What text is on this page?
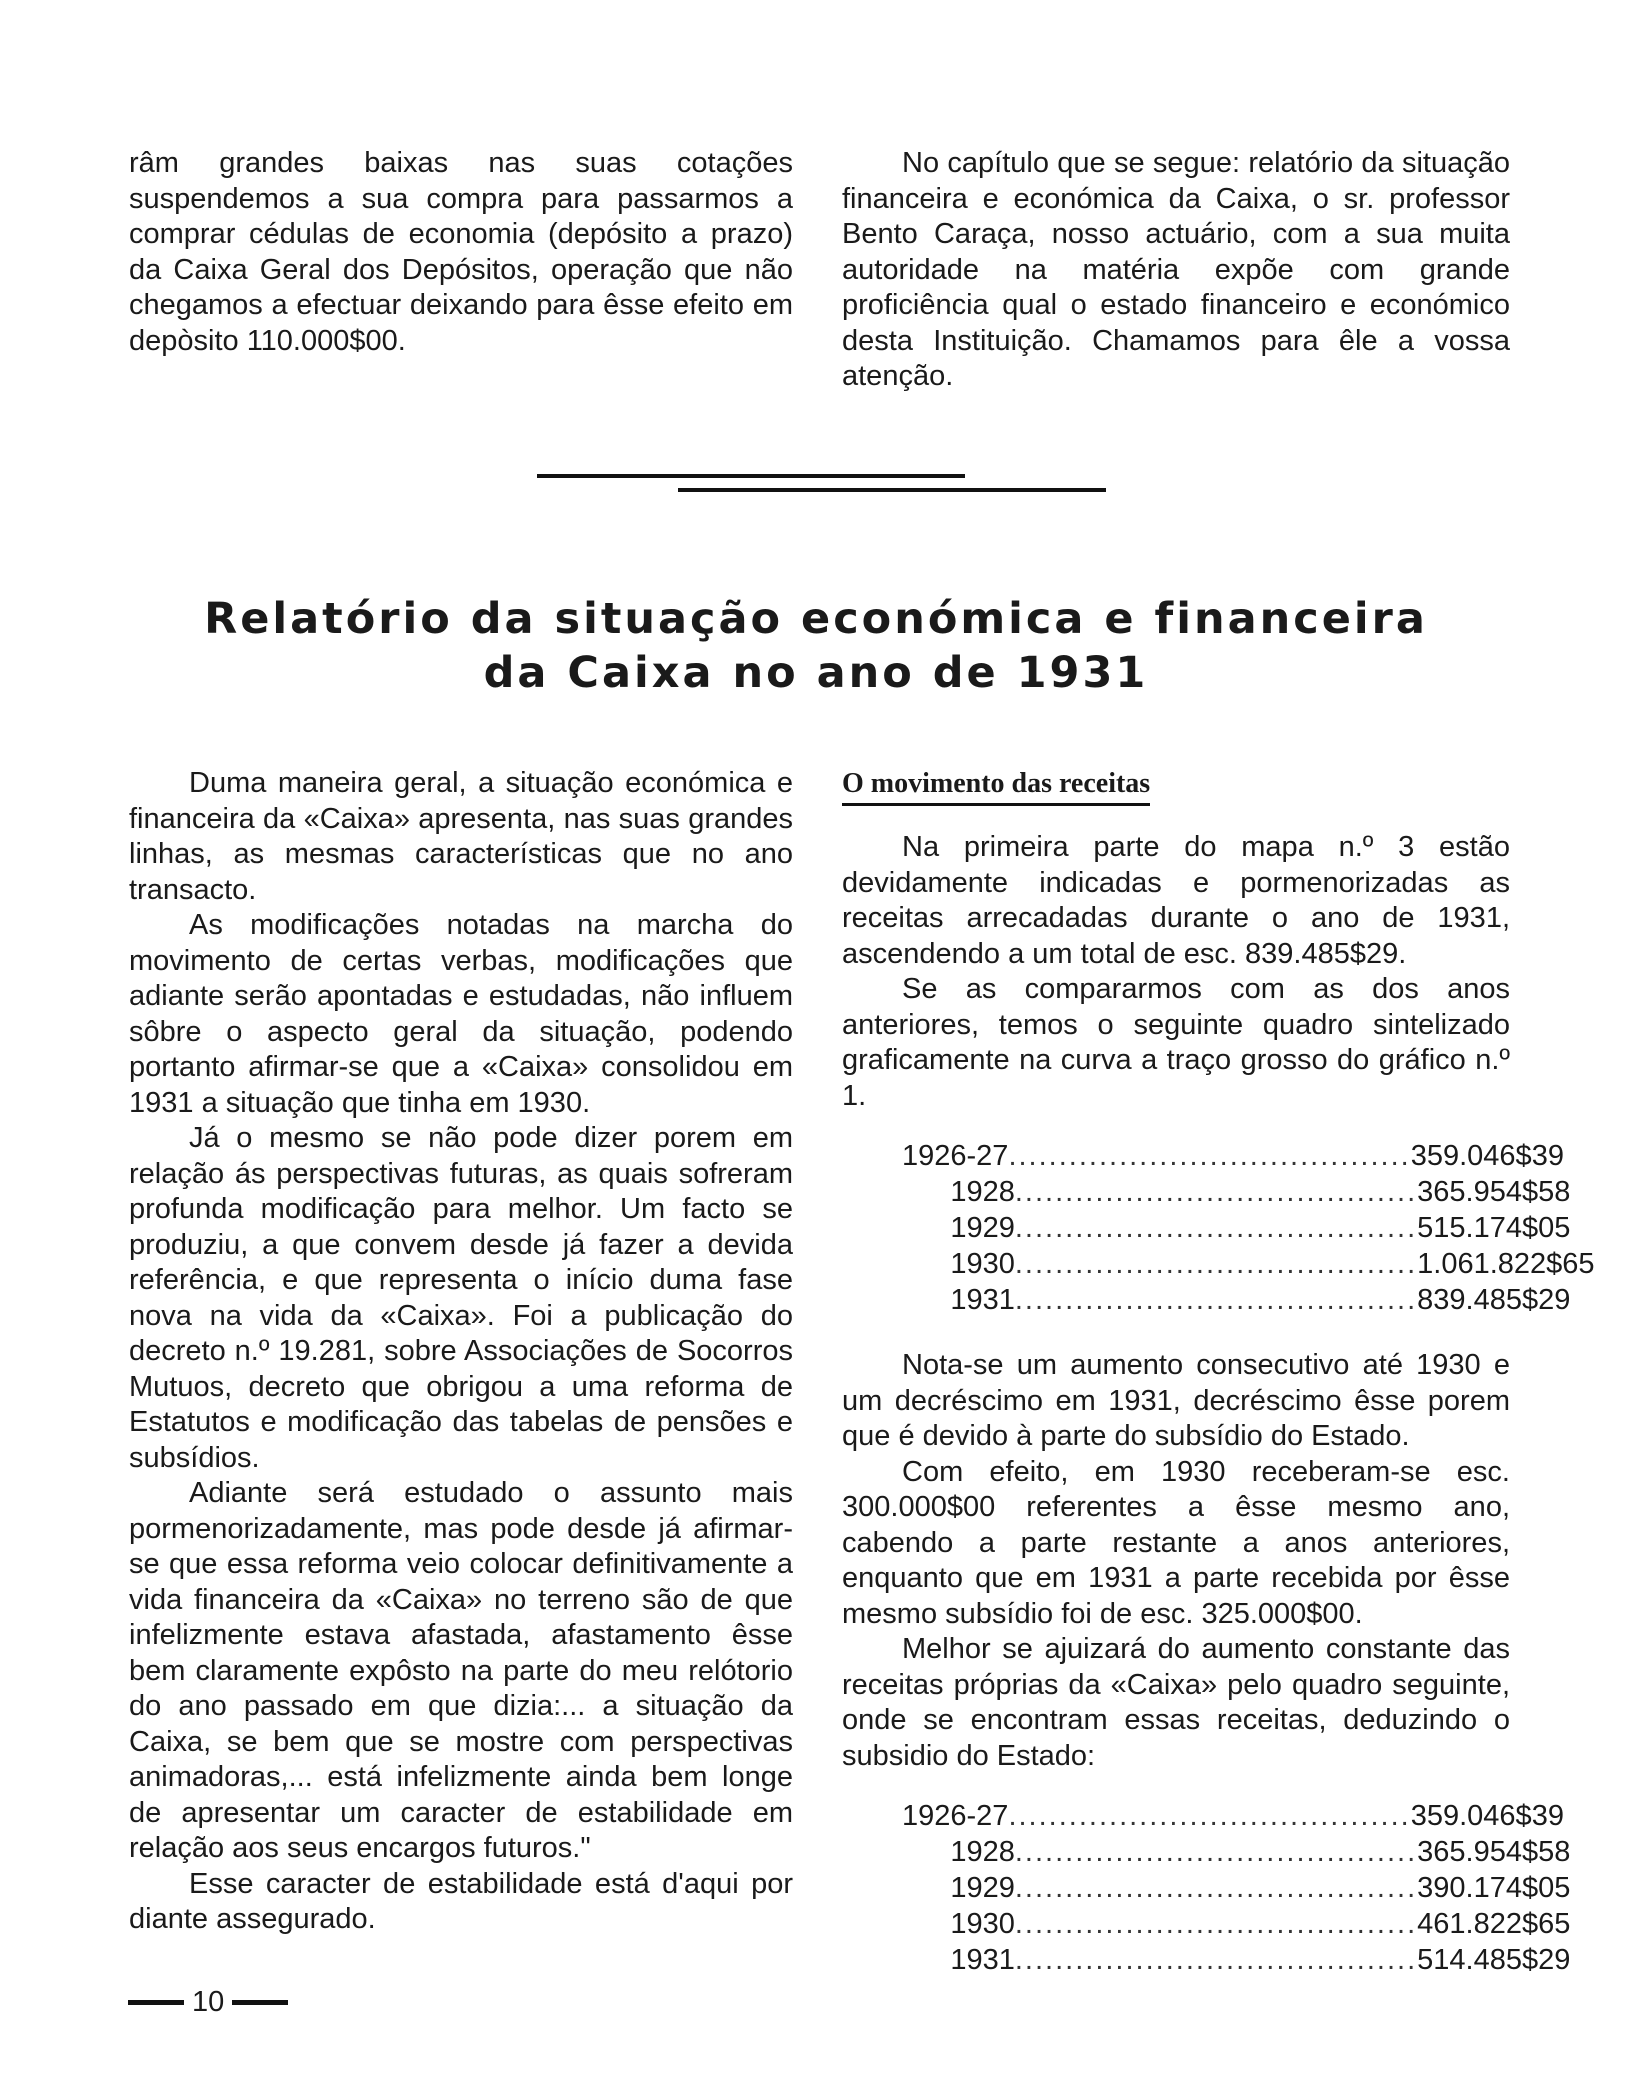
râm grandes baixas nas suas cotações suspendemos a sua compra para passarmos a comprar cédulas de economia (depósito a prazo) da Caixa Geral dos Depósitos, operação que não chegamos a efectuar deixando para êsse efeito em depòsito 110.000$00.

No capítulo que se segue: relatório da situação financeira e económica da Caixa, o sr. professor Bento Caraça, nosso actuário, com a sua muita autoridade na matéria expõe com grande proficiência qual o estado financeiro e económico desta Instituição. Chamamos para êle a vossa atenção.

Relatório da situação económica e financeira
da Caixa no ano de 1931

Duma maneira geral, a situação económica e financeira da «Caixa» apresenta, nas suas grandes linhas, as mesmas características que no ano transacto.

As modificações notadas na marcha do movimento de certas verbas, modificações que adiante serão apontadas e estudadas, não influem sôbre o aspecto geral da situação, podendo portanto afirmar-se que a «Caixa» consolidou em 1931 a situação que tinha em 1930.

Já o mesmo se não pode dizer porem em relação ás perspectivas futuras, as quais sofreram profunda modificação para melhor. Um facto se produziu, a que convem desde já fazer a devida referência, e que representa o início duma fase nova na vida da «Caixa». Foi a publicação do decreto n.º 19.281, sobre Associações de Socorros Mutuos, decreto que obrigou a uma reforma de Estatutos e modificação das tabelas de pensões e subsídios.

Adiante será estudado o assunto mais pormenorizadamente, mas pode desde já afirmar-se que essa reforma veio colocar definitivamente a vida financeira da «Caixa» no terreno são de que infelizmente estava afastada, afastamento êsse bem claramente expôsto na parte do meu relótorio do ano passado em que dizia:... a situação da Caixa, se bem que se mostre com perspectivas animadoras,... está infelizmente ainda bem longe de apresentar um caracter de estabilidade em relação aos seus encargos futuros."

Esse caracter de estabilidade está d'aqui por diante assegurado.

O movimento das receitas

Na primeira parte do mapa n.º 3 estão devidamente indicadas e pormenorizadas as receitas arrecadadas durante o ano de 1931, ascendendo a um total de esc. 839.485$29.

Se as compararmos com as dos anos anteriores, temos o seguinte quadro sintelizado graficamente na curva a traço grosso do gráfico n.º 1.

1926-27 ........................................ 359.046$39

1928 ........................................ 365.954$58

1929 ........................................ 515.174$05

1930 ........................................ 1.061.822$65

1931 ........................................ 839.485$29

Nota-se um aumento consecutivo até 1930 e um decréscimo em 1931, decréscimo êsse porem que é devido à parte do subsídio do Estado.

Com efeito, em 1930 receberam-se esc. 300.000$00 referentes a êsse mesmo ano, cabendo a parte restante a anos anteriores, enquanto que em 1931 a parte recebida por êsse mesmo subsídio foi de esc. 325.000$00.

Melhor se ajuizará do aumento constante das receitas próprias da «Caixa» pelo quadro seguinte, onde se encontram essas receitas, deduzindo o subsidio do Estado:

1926-27 ........................................ 359.046$39

1928 ........................................ 365.954$58

1929 ........................................ 390.174$05

1930 ........................................ 461.822$65

1931 ........................................ 514.485$29
10
